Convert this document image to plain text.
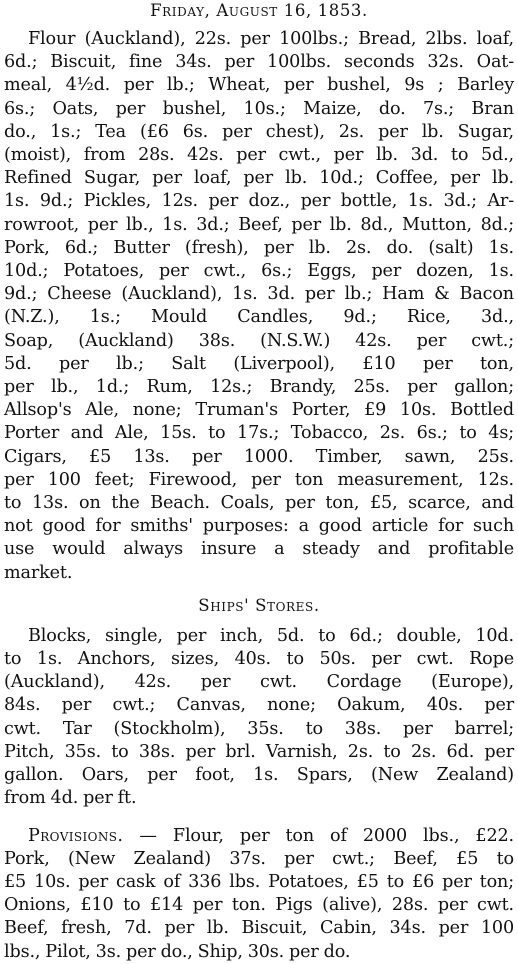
Friday, August 16, 1853.

Flour (Auckland), 22s. per 100lbs.; Bread, 2lbs. loaf,
6d.; Biscuit, fine 34s. per 100lbs. seconds 32s. Oat-
meal, 4½d. per lb.; Wheat, per bushel, 9s ; Barley
6s.; Oats, per bushel, 10s.; Maize, do. 7s.; Bran
do., 1s.; Tea (£6 6s. per chest), 2s. per lb. Sugar,
(moist), from 28s. 42s. per cwt., per lb. 3d. to 5d.,
Refined Sugar, per loaf, per lb. 10d.; Coffee, per lb.
1s. 9d.; Pickles, 12s. per doz., per bottle, 1s. 3d.; Ar-
rowroot, per lb., 1s. 3d.; Beef, per lb. 8d., Mutton, 8d.;
Pork, 6d.; Butter (fresh), per lb. 2s. do. (salt) 1s.
10d.; Potatoes, per cwt., 6s.; Eggs, per dozen, 1s.
9d.; Cheese (Auckland), 1s. 3d. per lb.; Ham & Bacon
(N.Z.), 1s.; Mould Candles, 9d.; Rice, 3d.,
Soap, (Auckland) 38s. (N.S.W.) 42s. per cwt.;
5d. per lb.; Salt (Liverpool), £10 per ton,
per lb., 1d.; Rum, 12s.; Brandy, 25s. per gallon;
Allsop's Ale, none; Truman's Porter, £9 10s. Bottled
Porter and Ale, 15s. to 17s.; Tobacco, 2s. 6s.; to 4s;
Cigars, £5 13s. per 1000. Timber, sawn, 25s.
per 100 feet; Firewood, per ton measurement, 12s.
to 13s. on the Beach. Coals, per ton, £5, scarce, and
not good for smiths' purposes: a good article for such
use would always insure a steady and profitable
market.

Ships' Stores.

Blocks, single, per inch, 5d. to 6d.; double, 10d.
to 1s. Anchors, sizes, 40s. to 50s. per cwt. Rope
(Auckland), 42s. per cwt. Cordage (Europe),
84s. per cwt.; Canvas, none; Oakum, 40s. per
cwt. Tar (Stockholm), 35s. to 38s. per barrel;
Pitch, 35s. to 38s. per brl. Varnish, 2s. to 2s. 6d. per
gallon. Oars, per foot, 1s. Spars, (New Zealand)
from 4d. per ft.
Provisions. — Flour, per ton of 2000 lbs., £22.
Pork, (New Zealand) 37s. per cwt.; Beef, £5 to
£5 10s. per cask of 336 lbs. Potatoes, £5 to £6 per ton;
Onions, £10 to £14 per ton. Pigs (alive), 28s. per cwt.
Beef, fresh, 7d. per lb. Biscuit, Cabin, 34s. per 100
lbs., Pilot, 3s. per do., Ship, 30s. per do.
